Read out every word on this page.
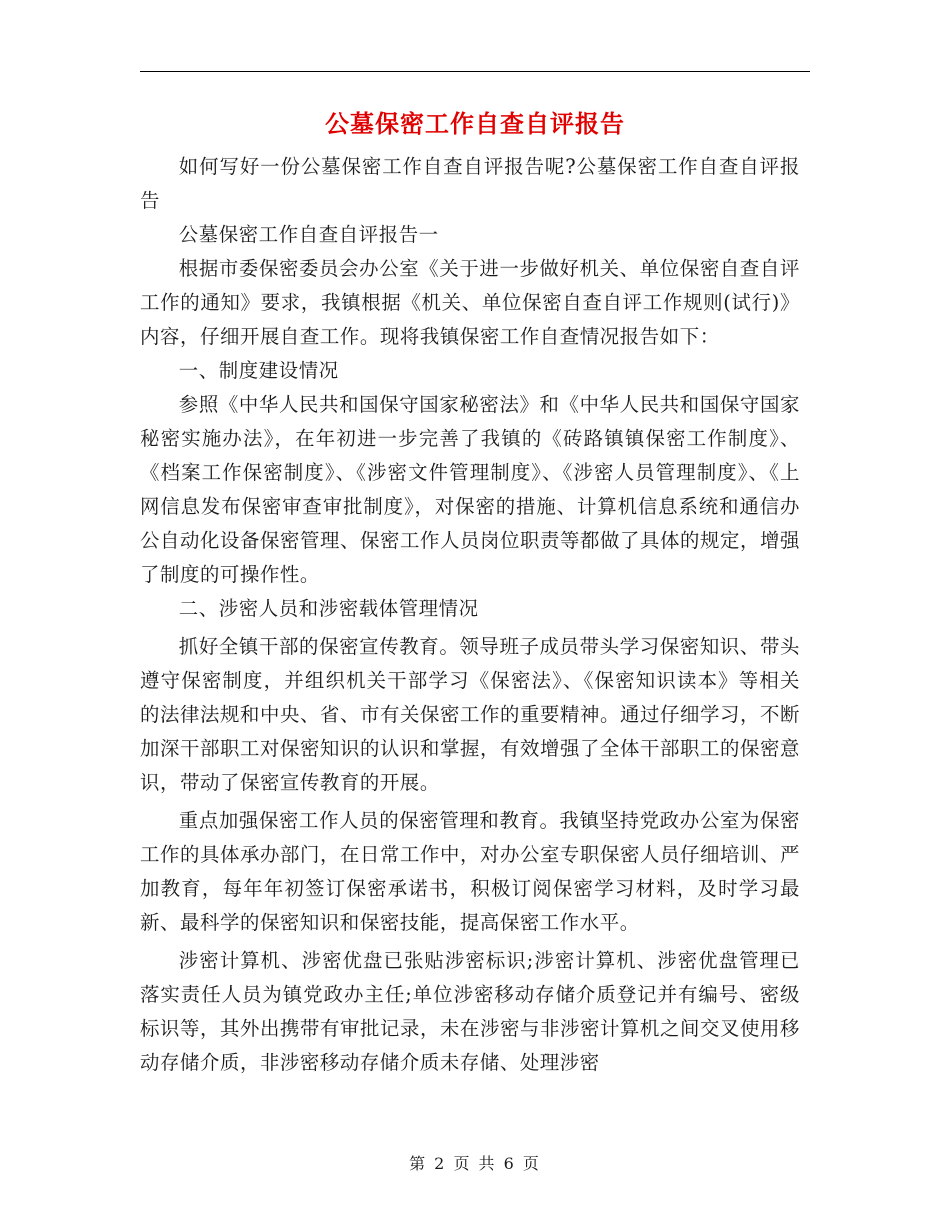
公墓保密工作自查自评报告

如何写好一份公墓保密工作自查自评报告呢?公墓保密工作自查自评报告

公墓保密工作自查自评报告一

根据市委保密委员会办公室《关于进一步做好机关、单位保密自查自评工作的通知》要求，我镇根据《机关、单位保密自查自评工作规则(试行)》内容，仔细开展自查工作。现将我镇保密工作自查情况报告如下：

一、制度建设情况

参照《中华人民共和国保守国家秘密法》和《中华人民共和国保守国家秘密实施办法》，在年初进一步完善了我镇的《砖路镇镇保密工作制度》、《档案工作保密制度》、《涉密文件管理制度》、《涉密人员管理制度》、《上网信息发布保密审查审批制度》，对保密的措施、计算机信息系统和通信办公自动化设备保密管理、保密工作人员岗位职责等都做了具体的规定，增强了制度的可操作性。

二、涉密人员和涉密载体管理情况

抓好全镇干部的保密宣传教育。领导班子成员带头学习保密知识、带头遵守保密制度，并组织机关干部学习《保密法》、《保密知识读本》等相关的法律法规和中央、省、市有关保密工作的重要精神。通过仔细学习，不断加深干部职工对保密知识的认识和掌握，有效增强了全体干部职工的保密意识，带动了保密宣传教育的开展。

重点加强保密工作人员的保密管理和教育。我镇坚持党政办公室为保密工作的具体承办部门，在日常工作中，对办公室专职保密人员仔细培训、严加教育，每年年初签订保密承诺书，积极订阅保密学习材料，及时学习最新、最科学的保密知识和保密技能，提高保密工作水平。

涉密计算机、涉密优盘已张贴涉密标识;涉密计算机、涉密优盘管理已落实责任人员为镇党政办主任;单位涉密移动存储介质登记并有编号、密级标识等，其外出携带有审批记录，未在涉密与非涉密计算机之间交叉使用移动存储介质，非涉密移动存储介质未存储、处理涉密

第 2 页 共 6 页
